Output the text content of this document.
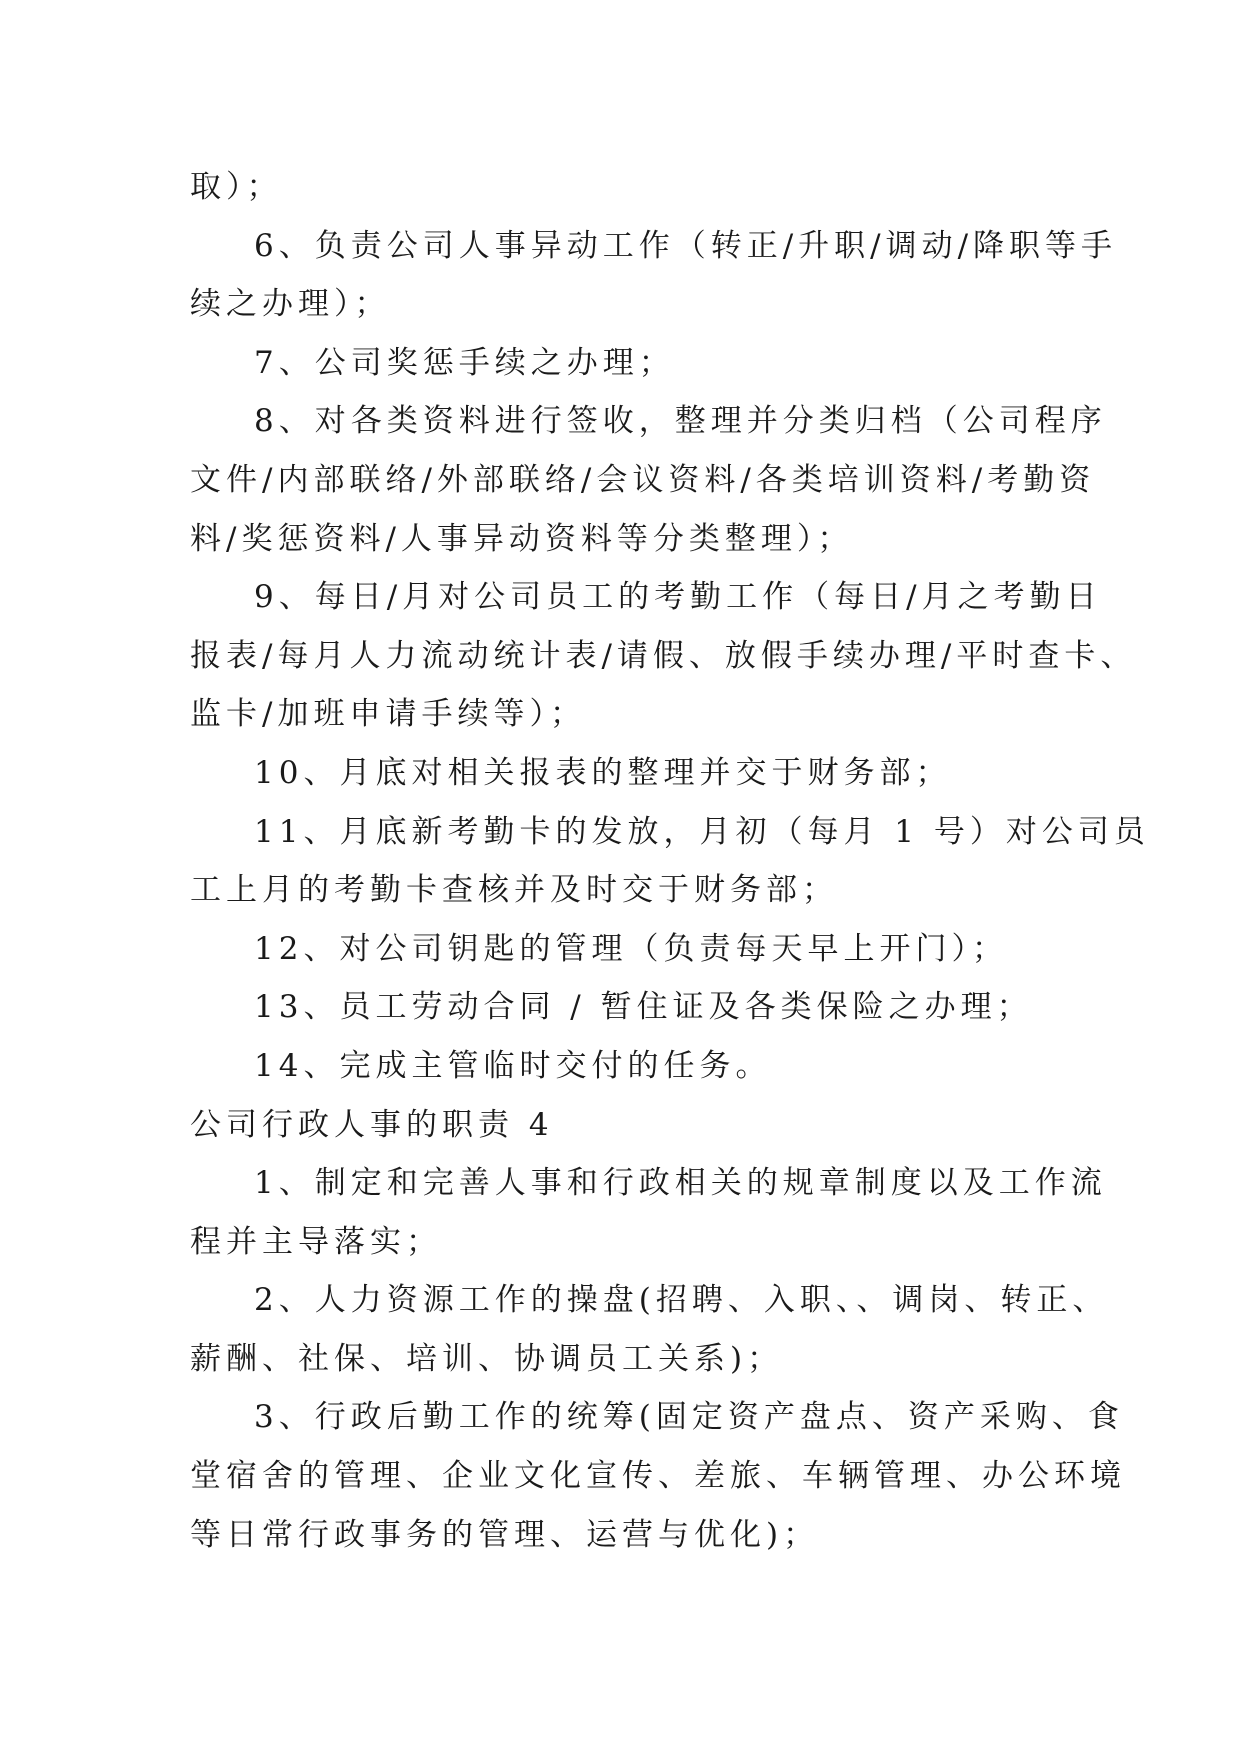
取）；
6、负责公司人事异动工作（转正/升职/调动/降职等手
续之办理）；
7、公司奖惩手续之办理；
8、对各类资料进行签收，整理并分类归档（公司程序
文件/内部联络/外部联络/会议资料/各类培训资料/考勤资
料/奖惩资料/人事异动资料等分类整理）；
9、每日/月对公司员工的考勤工作（每日/月之考勤日
报表/每月人力流动统计表/请假、放假手续办理/平时查卡、
监卡/加班申请手续等）；
10、月底对相关报表的整理并交于财务部；
11、月底新考勤卡的发放，月初（每月 1 号）对公司员
工上月的考勤卡查核并及时交于财务部；
12、对公司钥匙的管理（负责每天早上开门）；
13、员工劳动合同 / 暂住证及各类保险之办理；
14、完成主管临时交付的任务。
公司行政人事的职责 4
1、制定和完善人事和行政相关的规章制度以及工作流
程并主导落实；
2、人力资源工作的操盘(招聘、入职、、调岗、转正、
薪酬、社保、培训、协调员工关系)；
3、行政后勤工作的统筹(固定资产盘点、资产采购、食
堂宿舍的管理、企业文化宣传、差旅、车辆管理、办公环境
等日常行政事务的管理、运营与优化)；
